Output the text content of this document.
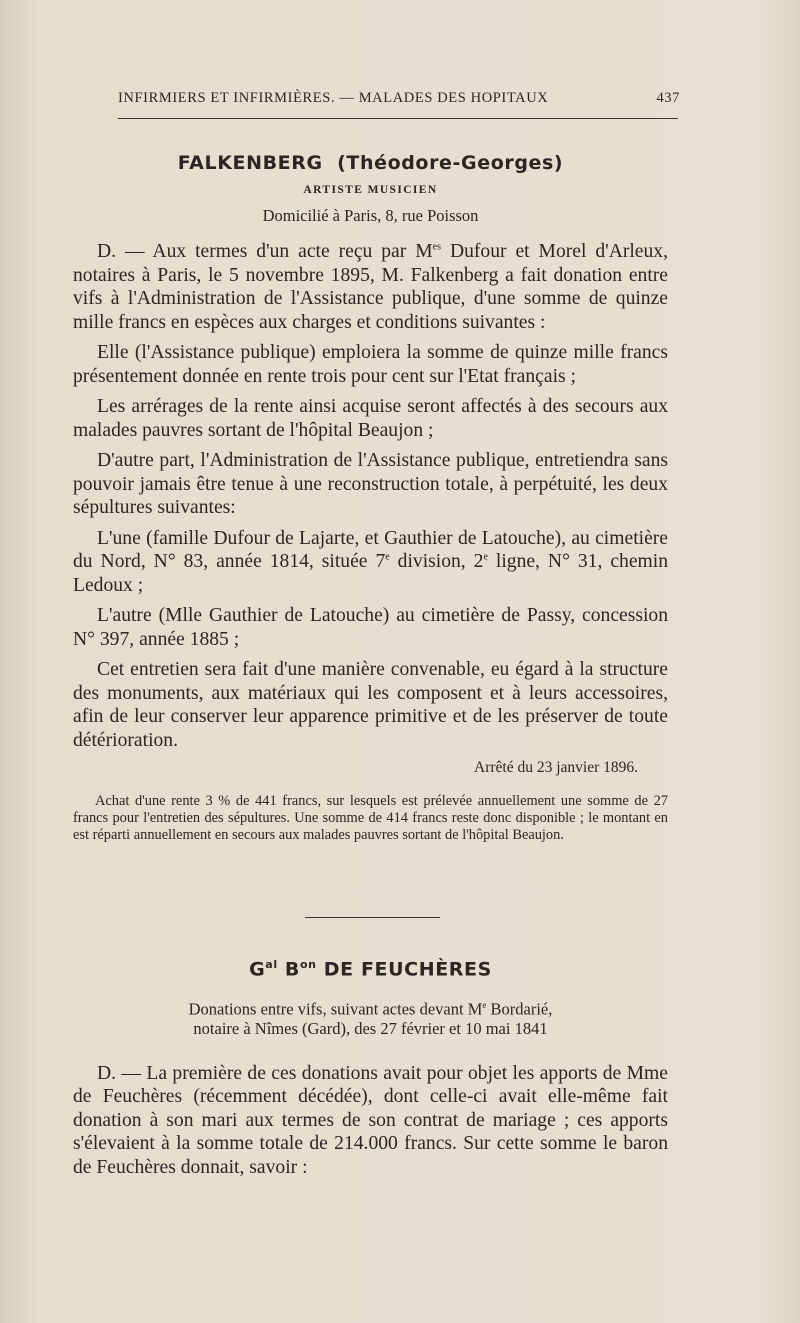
INFIRMIERS ET INFIRMIÈRES. — MALADES DES HOPITAUX	437
FALKENBERG (Théodore-Georges)
ARTISTE MUSICIEN
Domicilié à Paris, 8, rue Poisson

D. — Aux termes d'un acte reçu par $M^{es}$ Dufour et Morel d'Arleux, notaires à Paris, le 5 novembre 1895, M. Falkenberg a fait donation entre vifs à l'Administration de l'Assistance publique, d'une somme de quinze mille francs en espèces aux charges et conditions suivantes :

Elle (l'Assistance publique) emploiera la somme de quinze mille francs présentement donnée en rente trois pour cent sur l'Etat français ;

Les arrérages de la rente ainsi acquise seront affectés à des secours aux malades pauvres sortant de l'hôpital Beaujon ;

D'autre part, l'Administration de l'Assistance publique, entretiendra sans pouvoir jamais être tenue à une reconstruction totale, à perpétuité, les deux sépultures suivantes:

L'une (famille Dufour de Lajarte, et Gauthier de Latouche), au cimetière du Nord, N° 83, année 1814, située 7e division, 2e ligne, N° 31, chemin Ledoux ;

L'autre (Mlle Gauthier de Latouche) au cimetière de Passy, concession N° 397, année 1885 ;

Cet entretien sera fait d'une manière convenable, eu égard à la structure des monuments, aux matériaux qui les composent et à leurs accessoires, afin de leur conserver leur apparence primitive et de les préserver de toute détérioration.

Arrêté du 23 janvier 1896.
Achat d'une rente 3 % de 441 francs, sur lesquels est prélevée annuellement une somme de 27 francs pour l'entretien des sépultures. Une somme de 414 francs reste donc disponible ; le montant en est réparti annuellement en secours aux malades pauvres sortant de l'hôpital Beaujon.
$G^{al}$ $B^{on}$ DE FEUCHÈRES
Donations entre vifs, suivant actes devant Me Bordarié,
notaire à Nîmes (Gard), des 27 février et 10 mai 1841

D. — La première de ces donations avait pour objet les apports de Mme de Feuchères (récemment décédée), dont celle-ci avait elle-même fait donation à son mari aux termes de son contrat de mariage ; ces apports s'élevaient à la somme totale de 214.000 francs. Sur cette somme le baron de Feuchères donnait, savoir :
